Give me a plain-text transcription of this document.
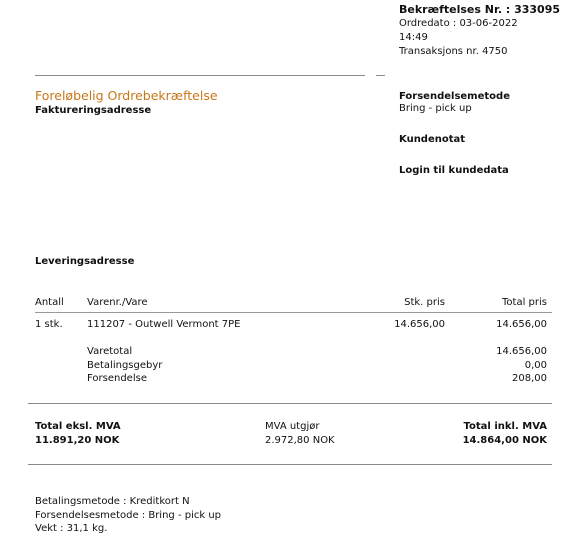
Bekræftelses Nr. : 333095
Ordredato : 03-06-2022
14:49
Transaksjons nr. 4750
Foreløbelig Ordrebekræftelse
Faktureringsadresse
Forsendelsemetode
Bring - pick up
Kundenotat
Login til kundedata
Leveringsadresse
Antall Varenr./Vare	Stk. pris	Total pris
1 stk. 111207 - Outwell Vermont 7PE	14.656,00	14.656,00
Varetotal	14.656,00
Betalingsgebyr	0,00
Forsendelse	208,00
Total eksl. MVA
11.891,20 NOK
MVA utgjør
2.972,80 NOK
Total inkl. MVA
14.864,00 NOK
Betalingsmetode : Kreditkort N
Forsendelsesmetode : Bring - pick up
Vekt : 31,1 kg.
